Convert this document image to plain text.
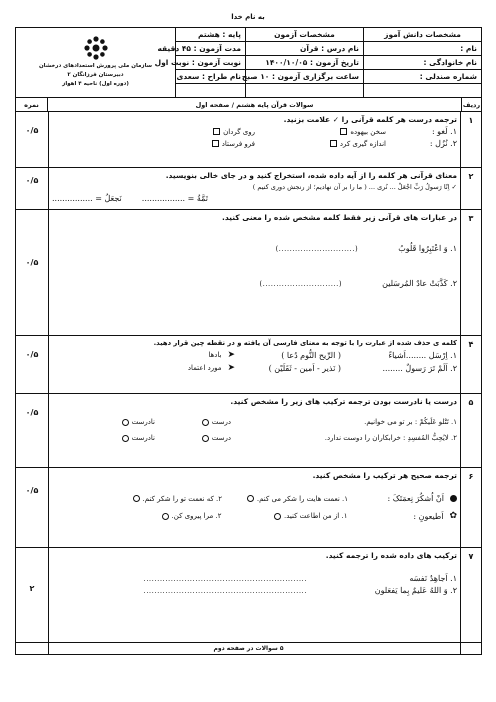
به نام خدا
مشخصات دانش آموز
نام :
نام خانوادگی :
شماره صندلی :
مشخصات آزمون
نام درس : قرآن
تاریخ آزمون : ۱۴۰۰/۱۰/۰۵
ساعت برگزاری آزمون : ۱۰ صبح
پایه : هشتم
مدت آزمون : ۴۵ دقیقه
نوبت آزمون : نوبت اول
نام طراح : سعدی
سازمان ملی پرورش استعدادهای درخشان
دبیرستان فرزانگان ۲
(دوره اول) ناحیه ۴ اهواز
ردیف
سوالات قرآن پایه هشتم / صفحه اول
نمره
۱
۰/۵
ترجمه درست هر کلمه قرآنی را ✓ علامت بزنید.
۱. لَغو :
سخن بیهوده
روی گردان
۲. نُزُل :
اندازه گیری کرد
فرو فرستاد
۲
۰/۵
معنای قرآنی هر کلمه را از آیه داده شده، استخراج کنید و در جای خالی بنویسید.
✓ اِنّا رَسولُ رَبِّ اجْعَلْ ... نُری ... ( ما را بر آن نهادیم؛ از رنجش دوری کنیم )
تَمَّةُ = .................
نَجعَلُ = ................
۳
۰/۵
در عبارات های قرآنی زیر فقط کلمه مشخص شده را معنی کنید.
۱. وَ اعْتَبِرُوا قَلُوبُ
(............................)
۲. كَذَّبَتْ عادٌ المُرسَلین
(............................)
۴
۰/۵
کلمه ی حذف شده از عبارت را با توجه به معنای فارسی آن یافته و در نقطه چین قرار دهید.
۱. اِرْسَل ........اَشیاءً
( الرِّیح النُّوم دُعا )
➤
بادها
۲. اَلَمْ تَرَ رَسولٌ ........
( نَذیر - اَمین - ثَقَلَیْن )
➤
مورد اعتماد
۵
۰/۵
درست یا نادرست بودن ترجمه ترکیب های زیر را مشخص کنید.
۱. تَتْلو عَلَیکُمْ : بر تو می خوانیم.
درست
نادرست
۲. لایُحِبُّ المُفسِدِ : خرابکاران را دوست ندارد.
درست
نادرست
۶
۰/۵
ترجمه صحیح هر ترکیب را مشخص کنید.
اَنْ اُشکُرَ نِعمَتَکَ :
۱. نعمت هایت را شکر می کنم.
۲. که نعمت تو را شکر کنم.
✿
اَطیعونِ :
۱. از من اطاعت کنید.
۲. مرا پیروی کن.
۷
۲
ترکیب های داده شده را ترجمه کنید.
۱. اَجاهِدُ نَفسَه
............................................................
۲. وَ اللهُ عَلیمٌ بِما یَفعَلون
............................................................
۵ سوالات در صفحه دوم
